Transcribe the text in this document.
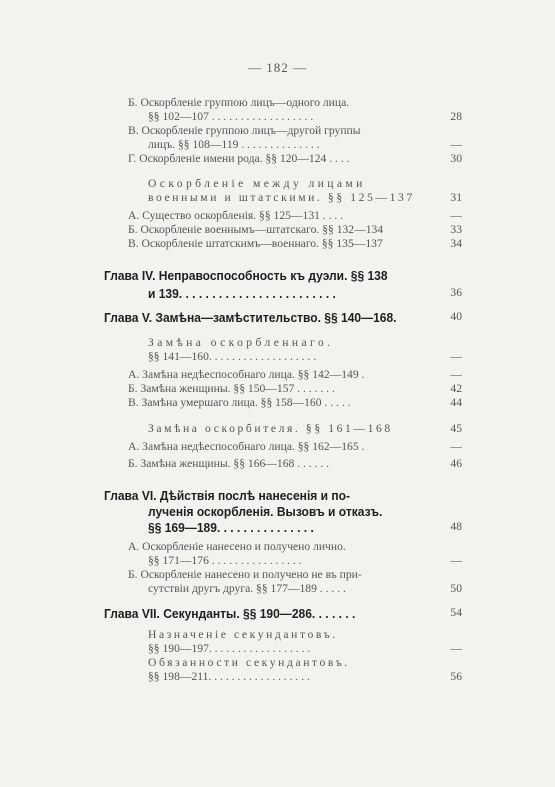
— 182 —
Б. Оскорбленіе группою лицъ—одного лица.
§§ 102—107 . . . . . . . . . . . . . . . . . .	28
В. Оскорбленіе группою лицъ—другой группы
лицъ. §§ 108—119 . . . . . . . . . . . . . .	—
Г. Оскорбленіе имени рода. §§ 120—124 . . . .	30
Оскорбленіе между лицами
военными и штатскими. §§ 125—137	31
А. Существо оскорбленія. §§ 125—131 . . . .	—
Б. Оскорбленіе военнымъ—штатскаго. §§ 132—134	33
В. Оскорбленіе штатскимъ—военнаго. §§ 135—137	34
Глава IV. Неправоспособность къ дуэли. §§ 138
и 139. . . . . . . . . . . . . . . . . . . . . . . .	36
Глава V. Замѣна—замѣстительство. §§ 140—168.	40
Замѣна оскорбленнаго.
§§ 141—160. . . . . . . . . . . . . . . . . . .	—
А. Замѣна недѣеспособнаго лица. §§ 142—149 .	—
Б. Замѣна женщины. §§ 150—157 . . . . . . .	42
В. Замѣна умершаго лица. §§ 158—160 . . . . .	44
Замѣна оскорбителя. §§ 161—168	45
А. Замѣна недѣеспособнаго лица. §§ 162—165 .	—
Б. Замѣна женщины. §§ 166—168 . . . . . .	46
Глава VI. Дѣйствія послѣ нанесенія и по-
лученія оскорбленія. Вызовъ и отказъ.
§§ 169—189. . . . . . . . . . . . . . .	48
А. Оскорбленіе нанесено и получено лично.
§§ 171—176 . . . . . . . . . . . . . . . .	—
Б. Оскорбленіе нанесено и получено не въ при-
сутствіи другъ друга. §§ 177—189 . . . . .	50
Глава VII. Секунданты. §§ 190—286. . . . . . .	54
Назначеніе секундантовъ.
§§ 190—197. . . . . . . . . . . . . . . . . .	—
Обязанности секундантовъ.
§§ 198—211. . . . . . . . . . . . . . . . . .	56
